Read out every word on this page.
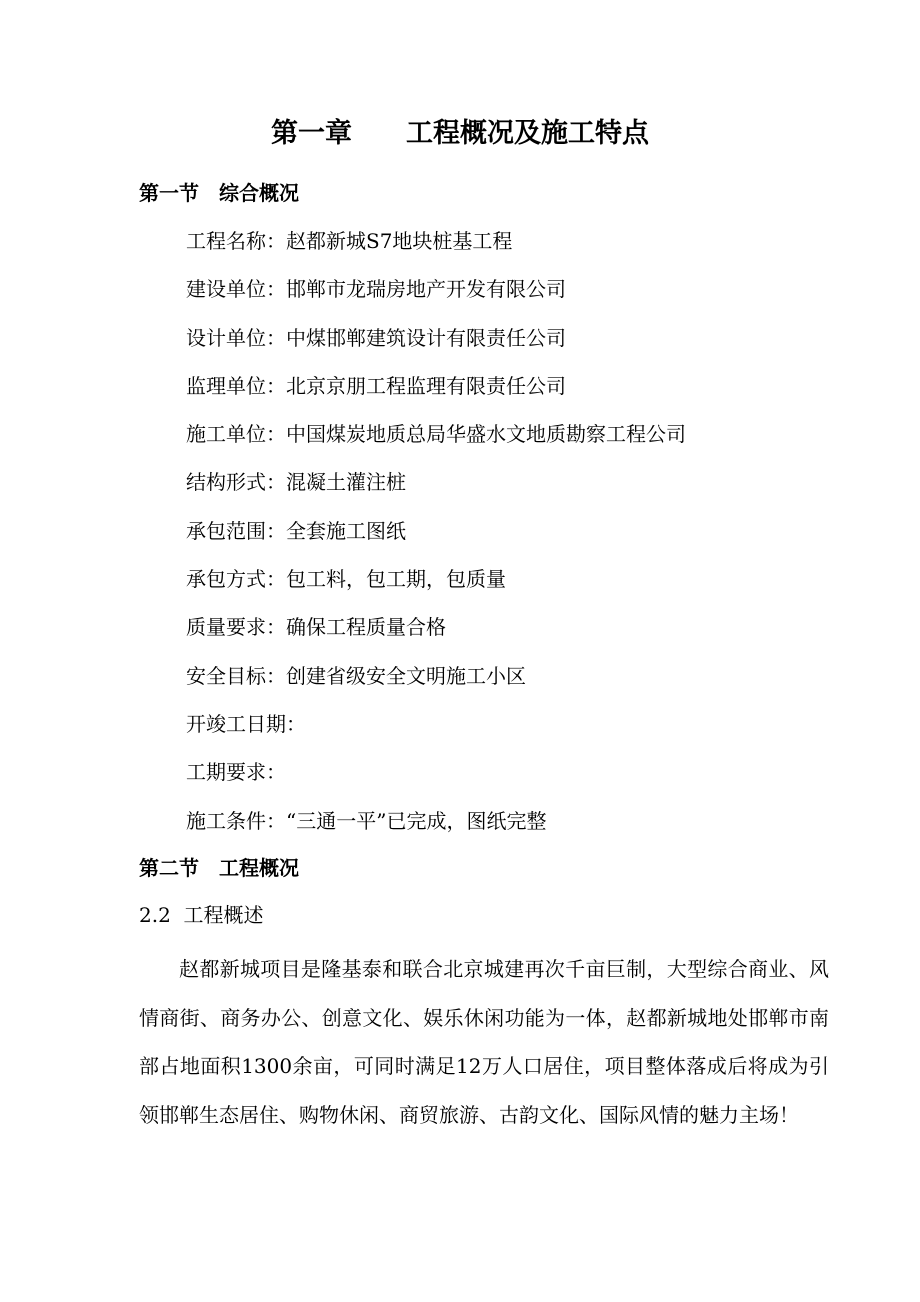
第一章　　工程概况及施工特点
第一节　综合概况
工程名称：赵都新城S7地块桩基工程
建设单位：邯郸市龙瑞房地产开发有限公司
设计单位：中煤邯郸建筑设计有限责任公司
监理单位：北京京朋工程监理有限责任公司
施工单位：中国煤炭地质总局华盛水文地质勘察工程公司
结构形式：混凝土灌注桩
承包范围：全套施工图纸
承包方式：包工料，包工期，包质量
质量要求：确保工程质量合格
安全目标：创建省级安全文明施工小区
开竣工日期：
工期要求：
施工条件：“三通一平”已完成，图纸完整
第二节　工程概况
2.2  工程概述

赵都新城项目是隆基泰和联合北京城建再次千亩巨制，大型综合商业、风情商街、商务办公、创意文化、娱乐休闲功能为一体，赵都新城地处邯郸市南部占地面积1300余亩，可同时满足12万人口居住，项目整体落成后将成为引领邯郸生态居住、购物休闲、商贸旅游、古韵文化、国际风情的魅力主场！
